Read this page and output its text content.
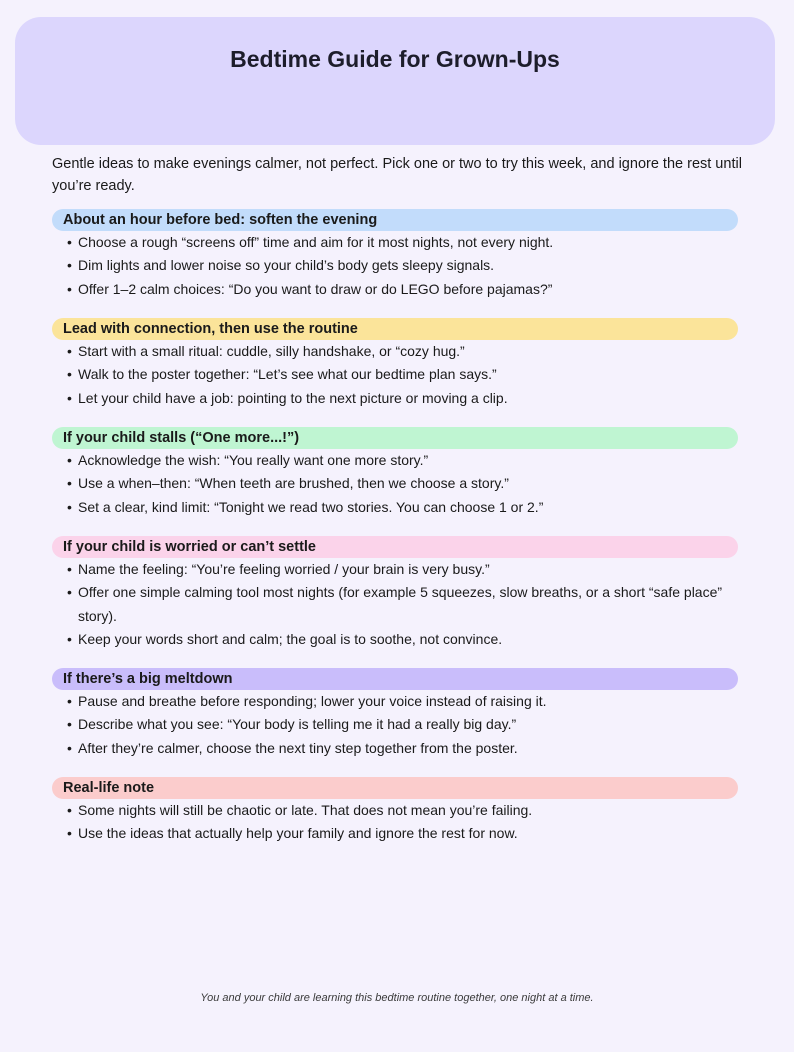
Bedtime Guide for Grown-Ups

Gentle ideas to make evenings calmer, not perfect. Pick one or two to try this week, and ignore the rest until you’re ready.

About an hour before bed: soften the evening
• Choose a rough “screens off” time and aim for it most nights, not every night.
• Dim lights and lower noise so your child’s body gets sleepy signals.
• Offer 1–2 calm choices: “Do you want to draw or do LEGO before pajamas?”
Lead with connection, then use the routine
• Start with a small ritual: cuddle, silly handshake, or “cozy hug.”
• Walk to the poster together: “Let’s see what our bedtime plan says.”
• Let your child have a job: pointing to the next picture or moving a clip.
If your child stalls (“One more...!”)
• Acknowledge the wish: “You really want one more story.”
• Use a when–then: “When teeth are brushed, then we choose a story.”
• Set a clear, kind limit: “Tonight we read two stories. You can choose 1 or 2.”
If your child is worried or can’t settle
• Name the feeling: “You’re feeling worried / your brain is very busy.”
• Offer one simple calming tool most nights (for example 5 squeezes, slow breaths, or a short “safe place” story).
• Keep your words short and calm; the goal is to soothe, not convince.
If there’s a big meltdown
• Pause and breathe before responding; lower your voice instead of raising it.
• Describe what you see: “Your body is telling me it had a really big day.”
• After they’re calmer, choose the next tiny step together from the poster.
Real-life note
• Some nights will still be chaotic or late. That does not mean you’re failing.
• Use the ideas that actually help your family and ignore the rest for now.
You and your child are learning this bedtime routine together, one night at a time.
